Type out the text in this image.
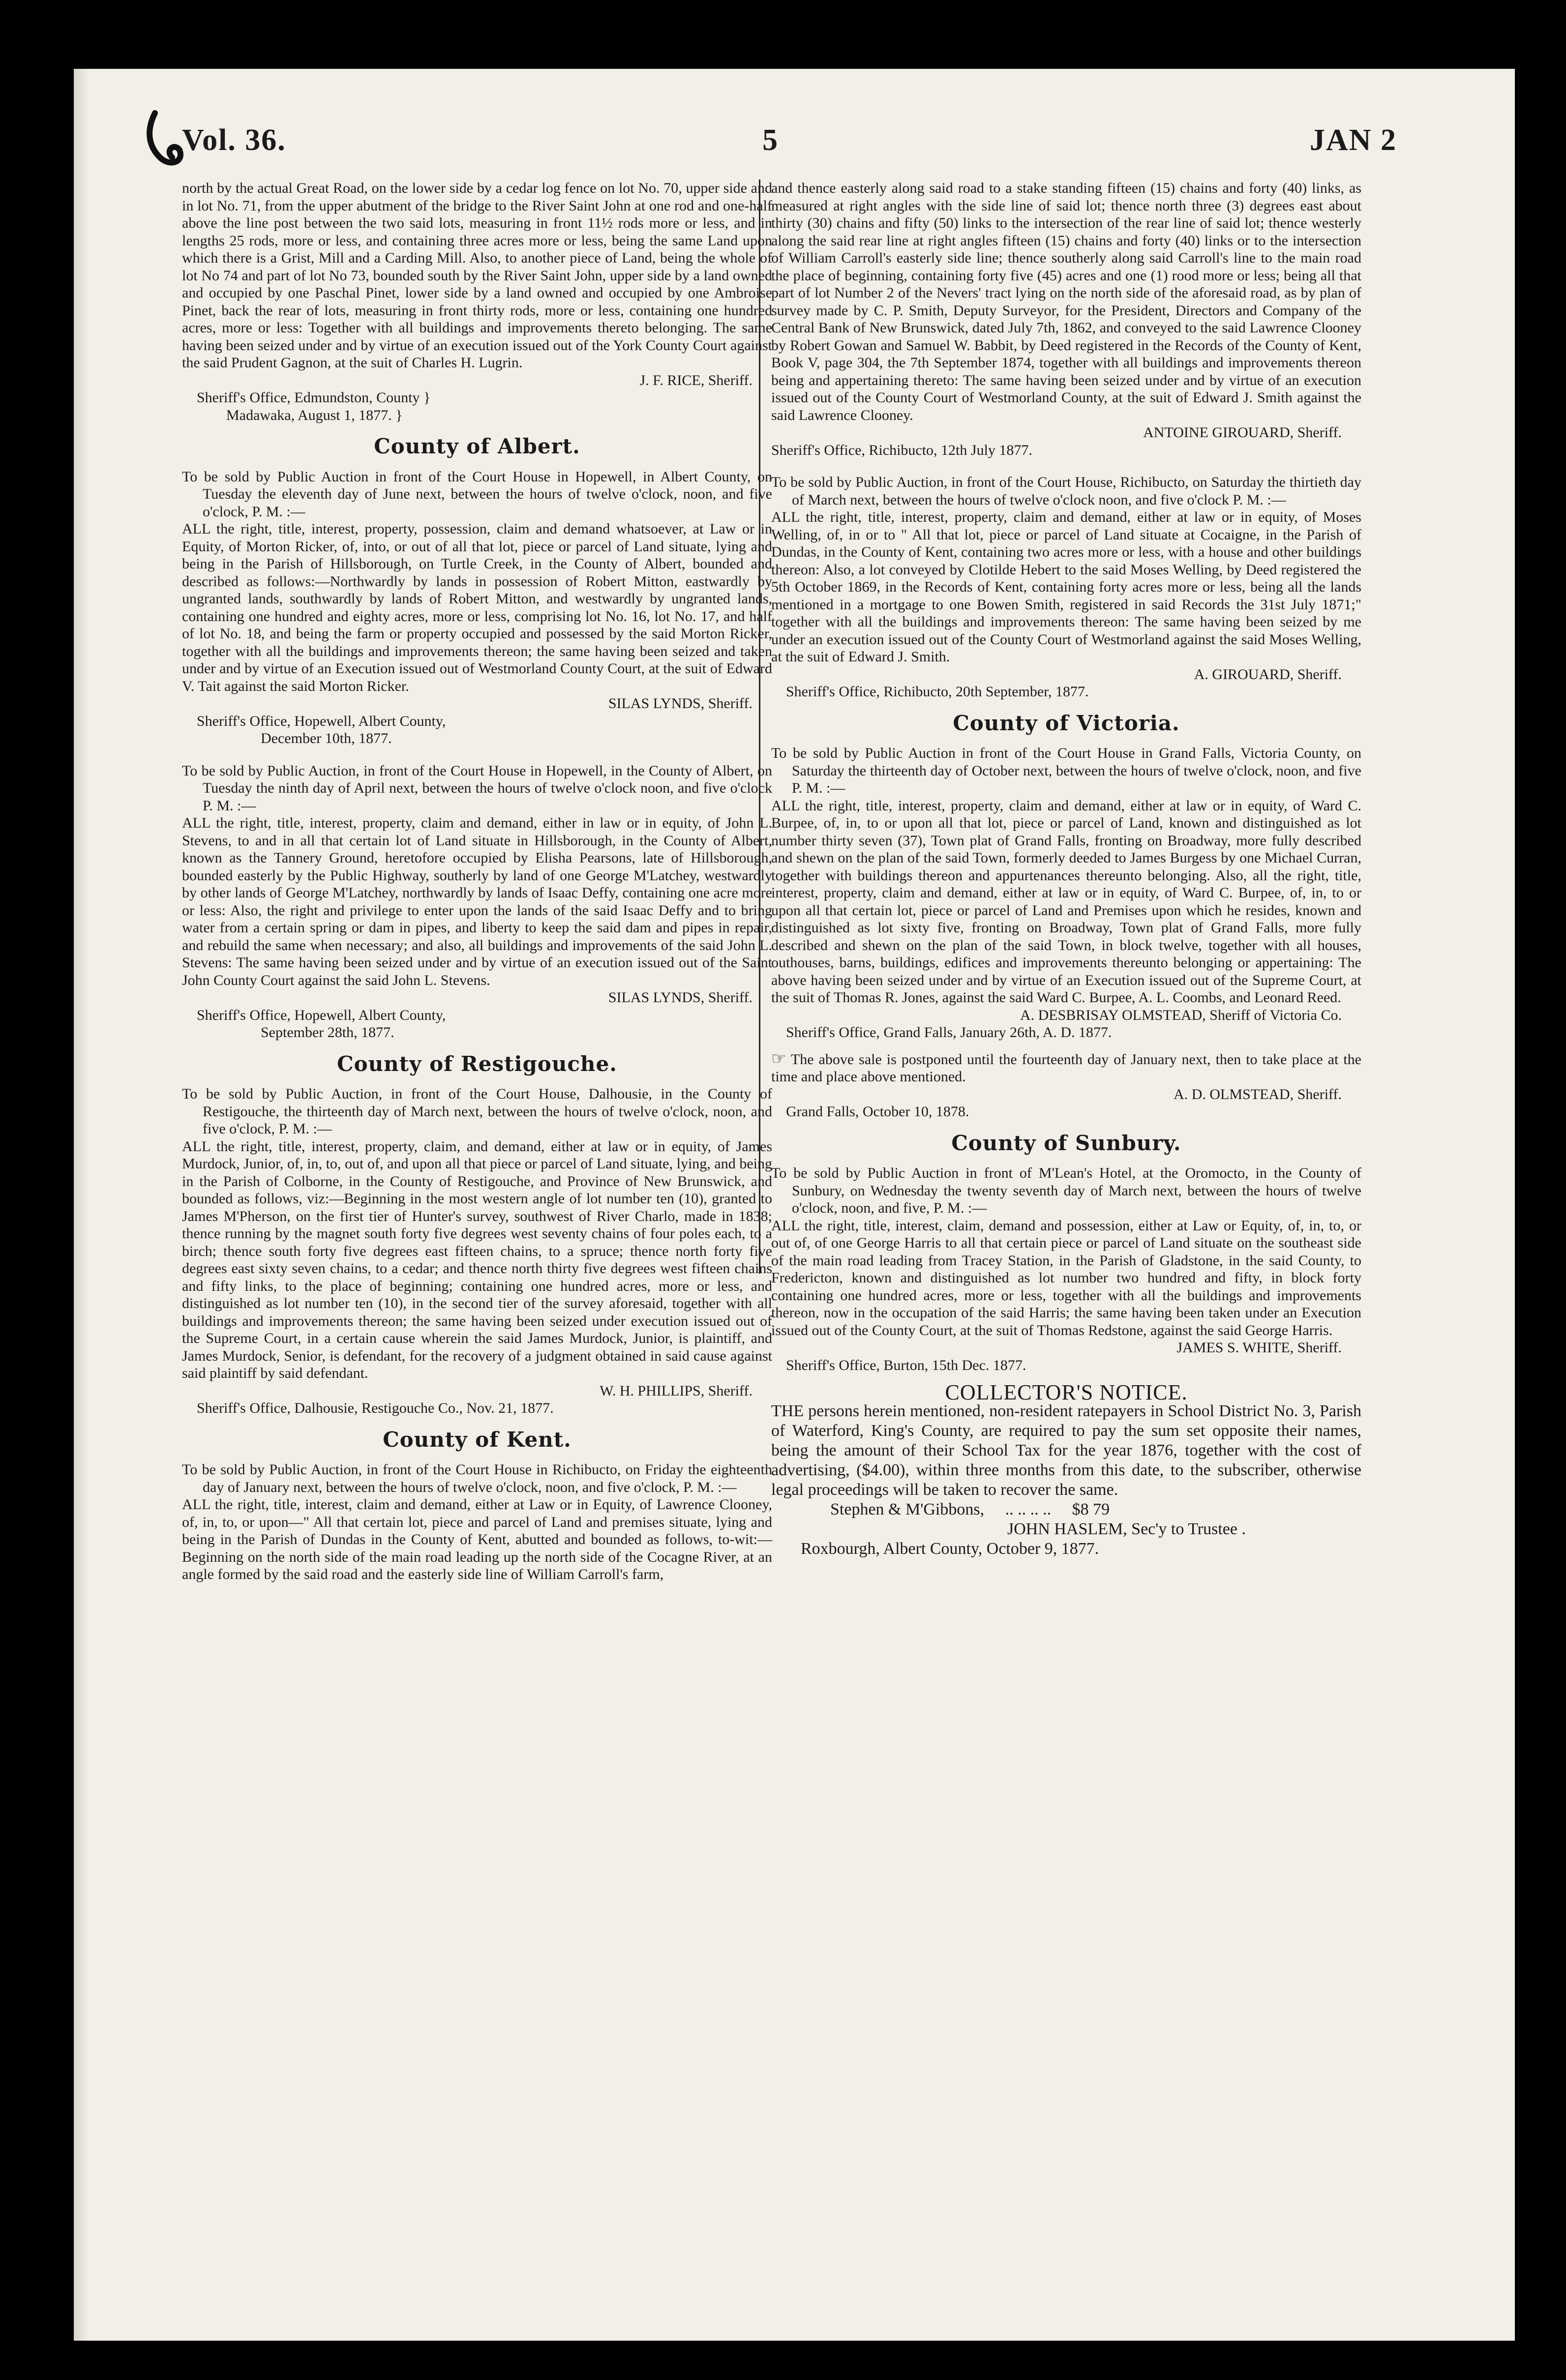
Vol. 36.	5	JAN 2

north by the actual Great Road, on the lower side by a cedar log fence on lot No. 70, upper side and in lot No. 71, from the upper abutment of the bridge to the River Saint John at one rod and one-half above the line post between the two said lots, measuring in front 11½ rods more or less, and in lengths 25 rods, more or less, and containing three acres more or less, being the same Land upon which there is a Grist, Mill and a Carding Mill. Also, to another piece of Land, being the whole of lot No 74 and part of lot No 73, bounded south by the River Saint John, upper side by a land owned and occupied by one Paschal Pinet, lower side by a land owned and occupied by one Ambroise Pinet, back the rear of lots, measuring in front thirty rods, more or less, containing one hundred acres, more or less: Together with all buildings and improvements thereto belonging. The same having been seized under and by virtue of an execution issued out of the York County Court against the said Prudent Gagnon, at the suit of Charles H. Lugrin.

J. F. RICE, Sheriff.

Sheriff's Office, Edmundston, County }

Madawaka, August 1, 1877. }

County of Albert.

To be sold by Public Auction in front of the Court House in Hopewell, in Albert County, on Tuesday the eleventh day of June next, between the hours of twelve o'clock, noon, and five o'clock, P. M. :—

ALL the right, title, interest, property, possession, claim and demand whatsoever, at Law or in Equity, of Morton Ricker, of, into, or out of all that lot, piece or parcel of Land situate, lying and being in the Parish of Hillsborough, on Turtle Creek, in the County of Albert, bounded and described as follows:—Northwardly by lands in possession of Robert Mitton, eastwardly by ungranted lands, southwardly by lands of Robert Mitton, and westwardly by ungranted lands, containing one hundred and eighty acres, more or less, comprising lot No. 16, lot No. 17, and half of lot No. 18, and being the farm or property occupied and possessed by the said Morton Ricker, together with all the buildings and improvements thereon; the same having been seized and taken under and by virtue of an Execution issued out of Westmorland County Court, at the suit of Edward V. Tait against the said Morton Ricker.

SILAS LYNDS, Sheriff.

Sheriff's Office, Hopewell, Albert County,

December 10th, 1877.

To be sold by Public Auction, in front of the Court House in Hopewell, in the County of Albert, on Tuesday the ninth day of April next, between the hours of twelve o'clock noon, and five o'clock P. M. :—

ALL the right, title, interest, property, claim and demand, either in law or in equity, of John L. Stevens, to and in all that certain lot of Land situate in Hillsborough, in the County of Albert, known as the Tannery Ground, heretofore occupied by Elisha Pearsons, late of Hillsborough, bounded easterly by the Public Highway, southerly by land of one George M'Latchey, westwardly by other lands of George M'Latchey, northwardly by lands of Isaac Deffy, containing one acre more or less: Also, the right and privilege to enter upon the lands of the said Isaac Deffy and to bring water from a certain spring or dam in pipes, and liberty to keep the said dam and pipes in repair, and rebuild the same when necessary; and also, all buildings and improvements of the said John L. Stevens: The same having been seized under and by virtue of an execution issued out of the Saint John County Court against the said John L. Stevens.

SILAS LYNDS, Sheriff.

Sheriff's Office, Hopewell, Albert County,

September 28th, 1877.

County of Restigouche.

To be sold by Public Auction, in front of the Court House, Dalhousie, in the County of Restigouche, the thirteenth day of March next, between the hours of twelve o'clock, noon, and five o'clock, P. M. :—

ALL the right, title, interest, property, claim, and demand, either at law or in equity, of James Murdock, Junior, of, in, to, out of, and upon all that piece or parcel of Land situate, lying, and being in the Parish of Colborne, in the County of Restigouche, and Province of New Brunswick, and bounded as follows, viz:—Beginning in the most western angle of lot number ten (10), granted to James M'Pherson, on the first tier of Hunter's survey, southwest of River Charlo, made in 1838; thence running by the magnet south forty five degrees west seventy chains of four poles each, to a birch; thence south forty five degrees east fifteen chains, to a spruce; thence north forty five degrees east sixty seven chains, to a cedar; and thence north thirty five degrees west fifteen chains and fifty links, to the place of beginning; containing one hundred acres, more or less, and distinguished as lot number ten (10), in the second tier of the survey aforesaid, together with all buildings and improvements thereon; the same having been seized under execution issued out of the Supreme Court, in a certain cause wherein the said James Murdock, Junior, is plaintiff, and James Murdock, Senior, is defendant, for the recovery of a judgment obtained in said cause against said plaintiff by said defendant.

W. H. PHILLIPS, Sheriff.

Sheriff's Office, Dalhousie, Restigouche Co., Nov. 21, 1877.

County of Kent.

To be sold by Public Auction, in front of the Court House in Richibucto, on Friday the eighteenth day of January next, between the hours of twelve o'clock, noon, and five o'clock, P. M. :—

ALL the right, title, interest, claim and demand, either at Law or in Equity, of Lawrence Clooney, of, in, to, or upon—" All that certain lot, piece and parcel of Land and premises situate, lying and being in the Parish of Dundas in the County of Kent, abutted and bounded as follows, to-wit:—Beginning on the north side of the main road leading up the north side of the Cocagne River, at an angle formed by the said road and the easterly side line of William Carroll's farm,

and thence easterly along said road to a stake standing fifteen (15) chains and forty (40) links, as measured at right angles with the side line of said lot; thence north three (3) degrees east about thirty (30) chains and fifty (50) links to the intersection of the rear line of said lot; thence westerly along the said rear line at right angles fifteen (15) chains and forty (40) links or to the intersection of William Carroll's easterly side line; thence southerly along said Carroll's line to the main road the place of beginning, containing forty five (45) acres and one (1) rood more or less; being all that part of lot Number 2 of the Nevers' tract lying on the north side of the aforesaid road, as by plan of survey made by C. P. Smith, Deputy Surveyor, for the President, Directors and Company of the Central Bank of New Brunswick, dated July 7th, 1862, and conveyed to the said Lawrence Clooney by Robert Gowan and Samuel W. Babbit, by Deed registered in the Records of the County of Kent, Book V, page 304, the 7th September 1874, together with all buildings and improvements thereon being and appertaining thereto: The same having been seized under and by virtue of an execution issued out of the County Court of Westmorland County, at the suit of Edward J. Smith against the said Lawrence Clooney.

ANTOINE GIROUARD, Sheriff.

Sheriff's Office, Richibucto, 12th July 1877.

To be sold by Public Auction, in front of the Court House, Richibucto, on Saturday the thirtieth day of March next, between the hours of twelve o'clock noon, and five o'clock P. M. :—

ALL the right, title, interest, property, claim and demand, either at law or in equity, of Moses Welling, of, in or to " All that lot, piece or parcel of Land situate at Cocaigne, in the Parish of Dundas, in the County of Kent, containing two acres more or less, with a house and other buildings thereon: Also, a lot conveyed by Clotilde Hebert to the said Moses Welling, by Deed registered the 5th October 1869, in the Records of Kent, containing forty acres more or less, being all the lands mentioned in a mortgage to one Bowen Smith, registered in said Records the 31st July 1871;" together with all the buildings and improvements thereon: The same having been seized by me under an execution issued out of the County Court of Westmorland against the said Moses Welling, at the suit of Edward J. Smith.

A. GIROUARD, Sheriff.

Sheriff's Office, Richibucto, 20th September, 1877.

County of Victoria.

To be sold by Public Auction in front of the Court House in Grand Falls, Victoria County, on Saturday the thirteenth day of October next, between the hours of twelve o'clock, noon, and five P. M. :—

ALL the right, title, interest, property, claim and demand, either at law or in equity, of Ward C. Burpee, of, in, to or upon all that lot, piece or parcel of Land, known and distinguished as lot number thirty seven (37), Town plat of Grand Falls, fronting on Broadway, more fully described and shewn on the plan of the said Town, formerly deeded to James Burgess by one Michael Curran, together with buildings thereon and appurtenances thereunto belonging. Also, all the right, title, interest, property, claim and demand, either at law or in equity, of Ward C. Burpee, of, in, to or upon all that certain lot, piece or parcel of Land and Premises upon which he resides, known and distinguished as lot sixty five, fronting on Broadway, Town plat of Grand Falls, more fully described and shewn on the plan of the said Town, in block twelve, together with all houses, outhouses, barns, buildings, edifices and improvements thereunto belonging or appertaining: The above having been seized under and by virtue of an Execution issued out of the Supreme Court, at the suit of Thomas R. Jones, against the said Ward C. Burpee, A. L. Coombs, and Leonard Reed.

A. DESBRISAY OLMSTEAD, Sheriff of Victoria Co.

Sheriff's Office, Grand Falls, January 26th, A. D. 1877.

☞ The above sale is postponed until the fourteenth day of January next, then to take place at the time and place above mentioned.

A. D. OLMSTEAD, Sheriff.

Grand Falls, October 10, 1878.

County of Sunbury.

To be sold by Public Auction in front of M'Lean's Hotel, at the Oromocto, in the County of Sunbury, on Wednesday the twenty seventh day of March next, between the hours of twelve o'clock, noon, and five, P. M. :—

ALL the right, title, interest, claim, demand and possession, either at Law or Equity, of, in, to, or out of, of one George Harris to all that certain piece or parcel of Land situate on the southeast side of the main road leading from Tracey Station, in the Parish of Gladstone, in the said County, to Fredericton, known and distinguished as lot number two hundred and fifty, in block forty containing one hundred acres, more or less, together with all the buildings and improvements thereon, now in the occupation of the said Harris; the same having been taken under an Execution issued out of the County Court, at the suit of Thomas Redstone, against the said George Harris.

JAMES S. WHITE, Sheriff.

Sheriff's Office, Burton, 15th Dec. 1877.

COLLECTOR'S NOTICE.

THE persons herein mentioned, non-resident ratepayers in School District No. 3, Parish of Waterford, King's County, are required to pay the sum set opposite their names, being the amount of their School Tax for the year 1876, together with the cost of advertising, ($4.00), within three months from this date, to the subscriber, otherwise legal proceedings will be taken to recover the same.

Stephen & M'Gibbons, .. .. .. .. $8 79

JOHN HASLEM, Sec'y to Trustee .

Roxbourgh, Albert County, October 9, 1877.
